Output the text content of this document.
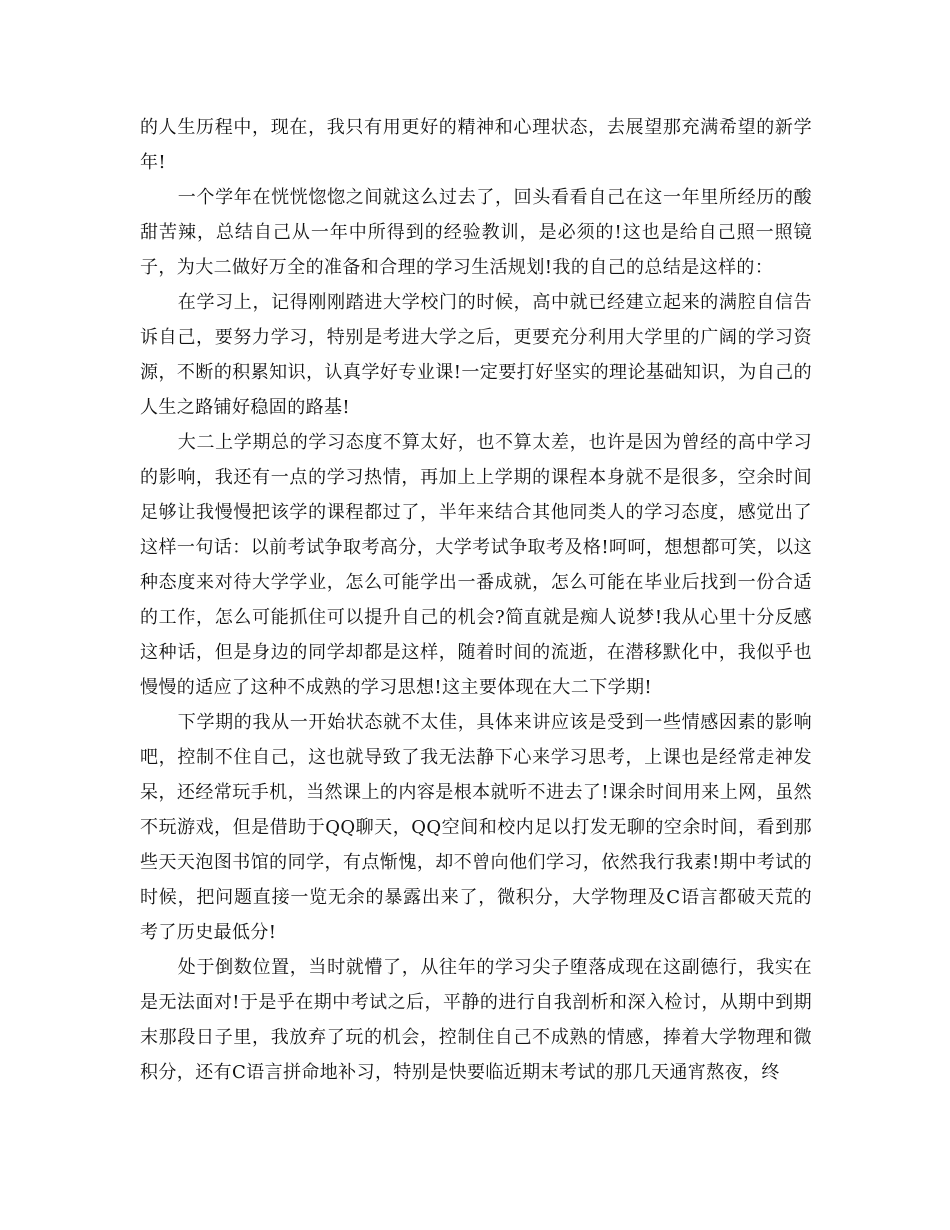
的人生历程中，现在，我只有用更好的精神和心理状态，去展望那充满希望的新学年!

一个学年在恍恍惚惚之间就这么过去了，回头看看自己在这一年里所经历的酸甜苦辣，总结自己从一年中所得到的经验教训，是必须的!这也是给自己照一照镜子，为大二做好万全的准备和合理的学习生活规划!我的自己的总结是这样的：

在学习上，记得刚刚踏进大学校门的时候，高中就已经建立起来的满腔自信告诉自己，要努力学习，特别是考进大学之后，更要充分利用大学里的广阔的学习资源，不断的积累知识，认真学好专业课!一定要打好坚实的理论基础知识，为自己的人生之路铺好稳固的路基!

大二上学期总的学习态度不算太好，也不算太差，也许是因为曾经的高中学习的影响，我还有一点的学习热情，再加上上学期的课程本身就不是很多，空余时间足够让我慢慢把该学的课程都过了，半年来结合其他同类人的学习态度，感觉出了这样一句话：以前考试争取考高分，大学考试争取考及格!呵呵，想想都可笑，以这种态度来对待大学学业，怎么可能学出一番成就，怎么可能在毕业后找到一份合适的工作，怎么可能抓住可以提升自己的机会?简直就是痴人说梦!我从心里十分反感这种话，但是身边的同学却都是这样，随着时间的流逝，在潜移默化中，我似乎也慢慢的适应了这种不成熟的学习思想!这主要体现在大二下学期!

下学期的我从一开始状态就不太佳，具体来讲应该是受到一些情感因素的影响吧，控制不住自己，这也就导致了我无法静下心来学习思考，上课也是经常走神发呆，还经常玩手机，当然课上的内容是根本就听不进去了!课余时间用来上网，虽然不玩游戏，但是借助于QQ聊天，QQ空间和校内足以打发无聊的空余时间，看到那些天天泡图书馆的同学，有点惭愧，却不曾向他们学习，依然我行我素!期中考试的时候，把问题直接一览无余的暴露出来了，微积分，大学物理及C语言都破天荒的考了历史最低分!

处于倒数位置，当时就懵了，从往年的学习尖子堕落成现在这副德行，我实在是无法面对!于是乎在期中考试之后，平静的进行自我剖析和深入检讨，从期中到期末那段日子里，我放弃了玩的机会，控制住自己不成熟的情感，捧着大学物理和微积分，还有C语言拼命地补习，特别是快要临近期末考试的那几天通宵熬夜，终
